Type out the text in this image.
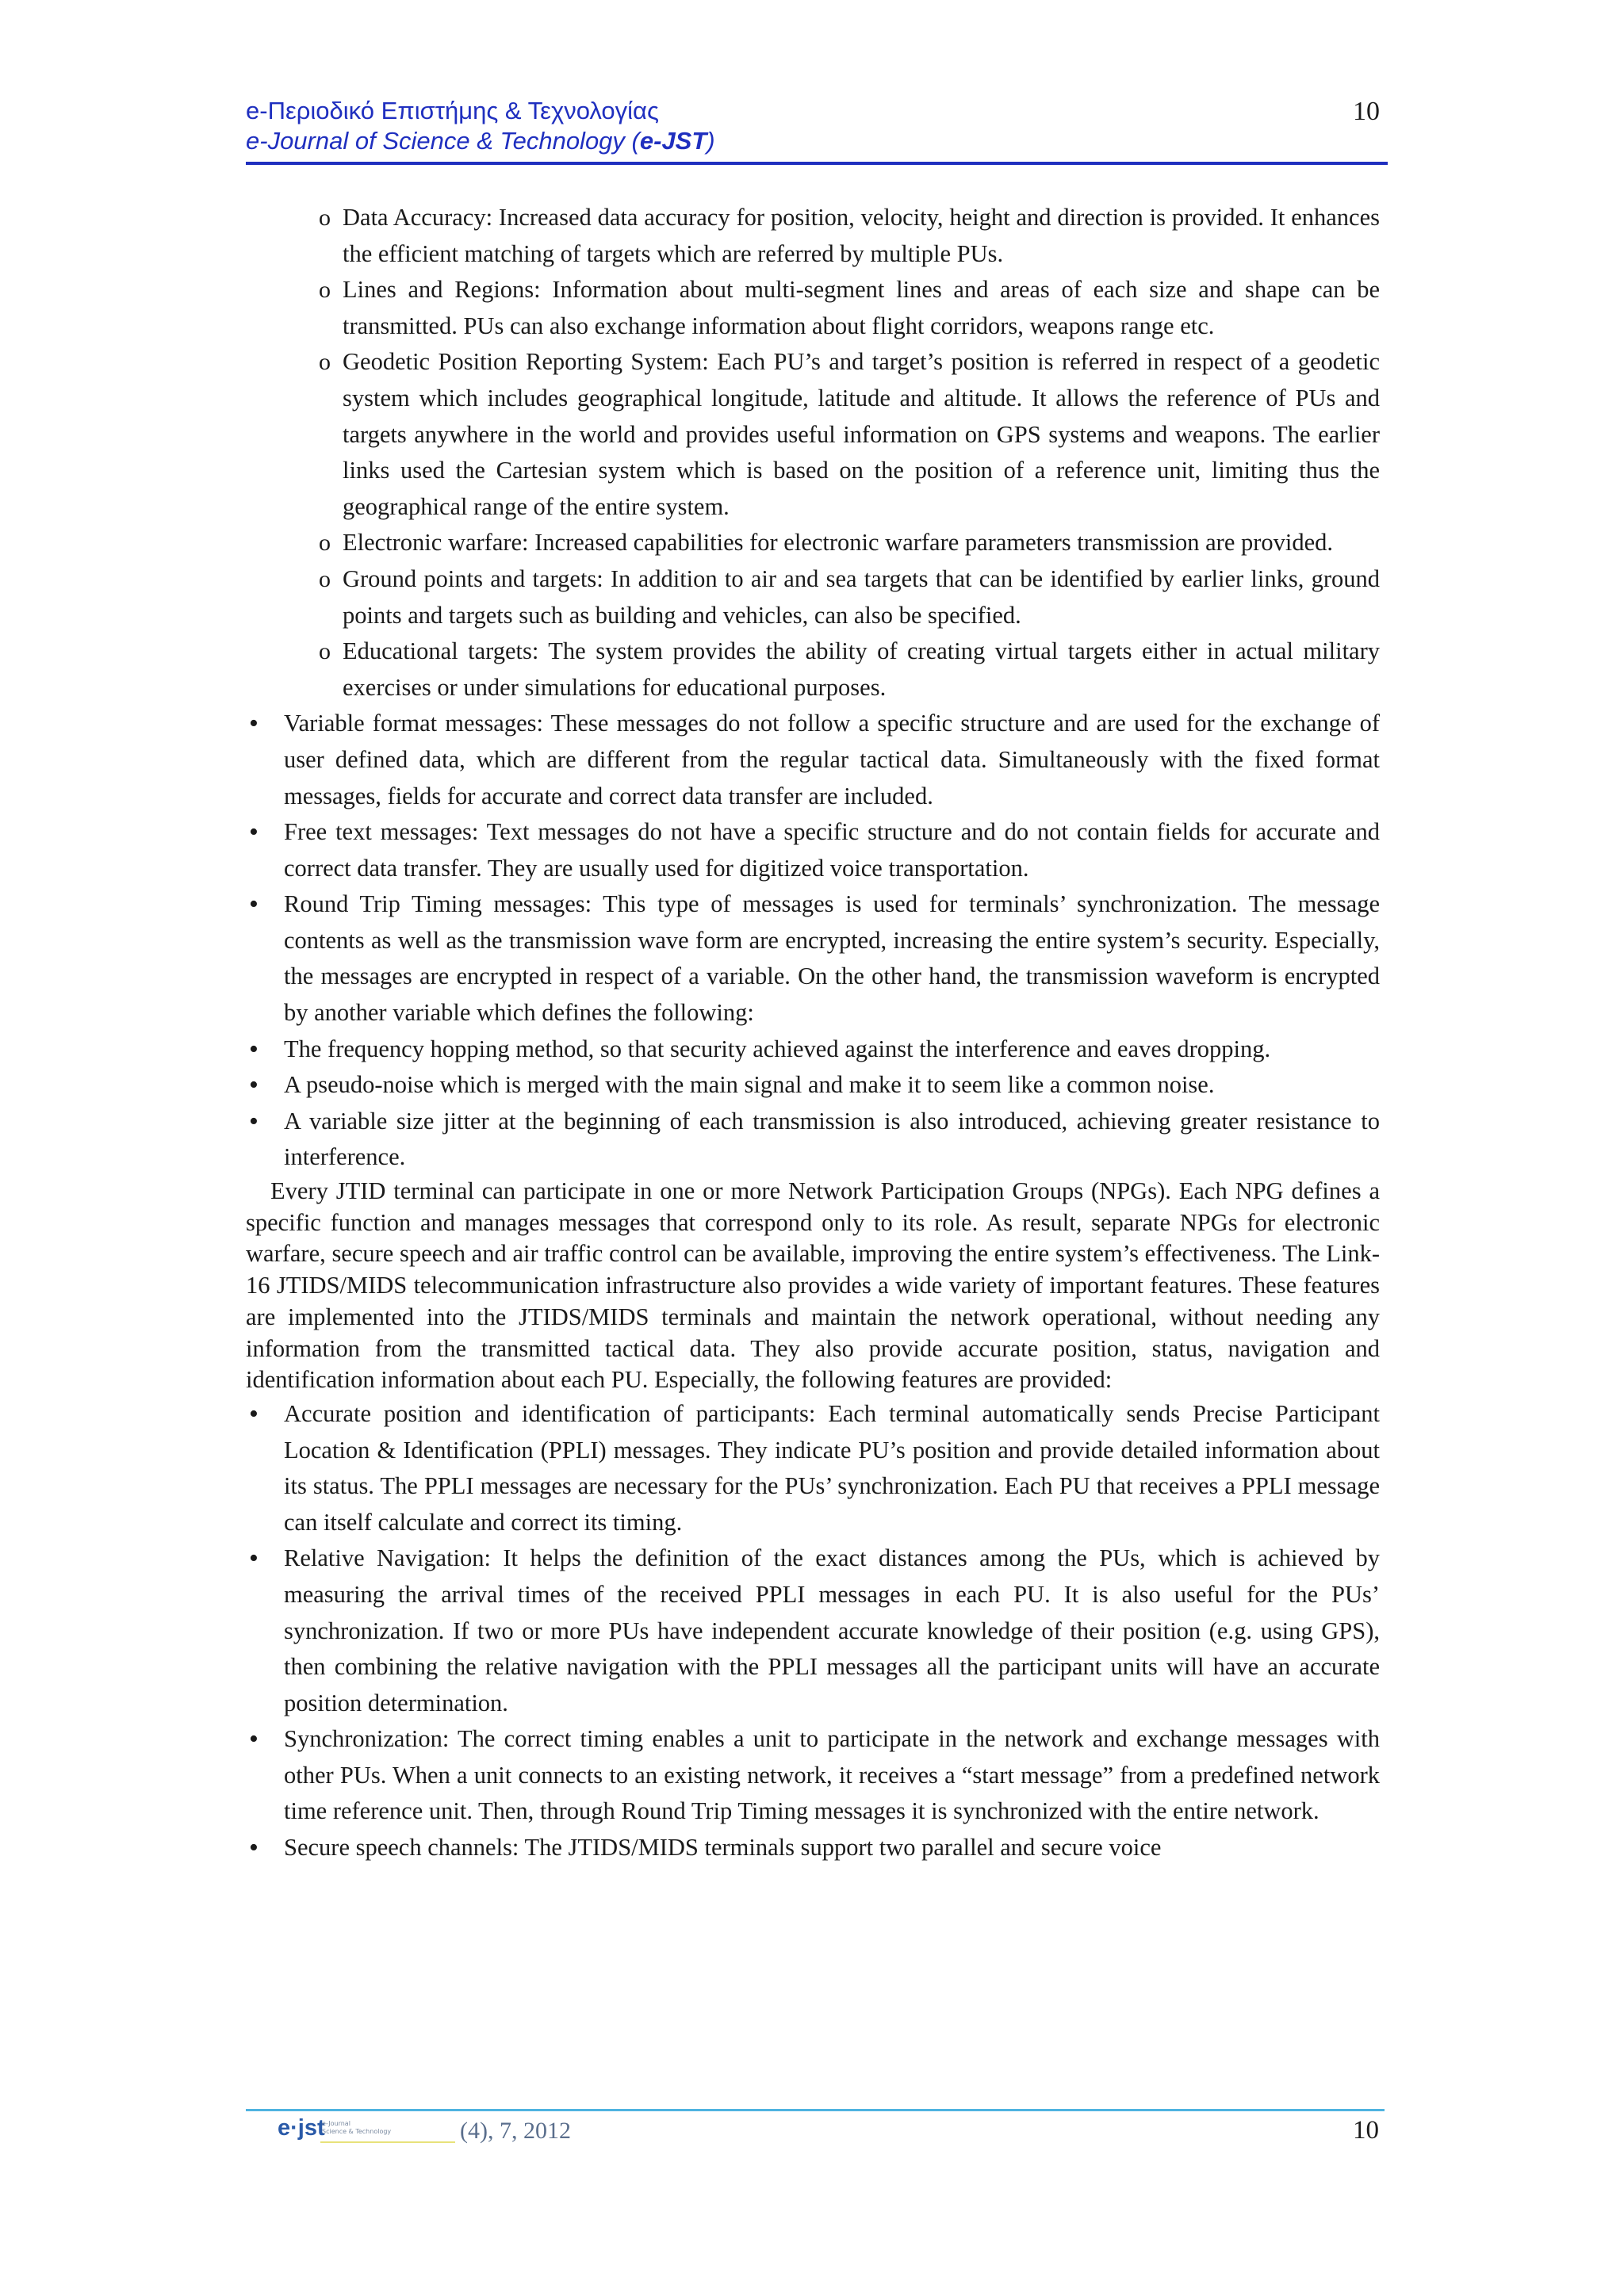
e-Περιοδικό Επιστήμης & Τεχνολογίας
e-Journal of Science & Technology (e-JST)
10
o Data Accuracy: Increased data accuracy for position, velocity, height and direction is provided. It enhances the efficient matching of targets which are referred by multiple PUs.
o Lines and Regions: Information about multi-segment lines and areas of each size and shape can be transmitted. PUs can also exchange information about flight corridors, weapons range etc.
o Geodetic Position Reporting System: Each PU’s and target’s position is referred in respect of a geodetic system which includes geographical longitude, latitude and altitude. It allows the reference of PUs and targets anywhere in the world and provides useful information on GPS systems and weapons. The earlier links used the Cartesian system which is based on the position of a reference unit, limiting thus the geographical range of the entire system.
o Electronic warfare: Increased capabilities for electronic warfare parameters transmission are provided.
o Ground points and targets: In addition to air and sea targets that can be identified by earlier links, ground points and targets such as building and vehicles, can also be specified.
o Educational targets: The system provides the ability of creating virtual targets either in actual military exercises or under simulations for educational purposes.
• Variable format messages: These messages do not follow a specific structure and are used for the exchange of user defined data, which are different from the regular tactical data. Simultaneously with the fixed format messages, fields for accurate and correct data transfer are included.
• Free text messages: Text messages do not have a specific structure and do not contain fields for accurate and correct data transfer. They are usually used for digitized voice transportation.
• Round Trip Timing messages: This type of messages is used for terminals’ synchronization. The message contents as well as the transmission wave form are encrypted, increasing the entire system’s security. Especially, the messages are encrypted in respect of a variable. On the other hand, the transmission waveform is encrypted by another variable which defines the following:
• The frequency hopping method, so that security achieved against the interference and eaves dropping.
• A pseudo-noise which is merged with the main signal and make it to seem like a common noise.
• A variable size jitter at the beginning of each transmission is also introduced, achieving greater resistance to interference.
Every JTID terminal can participate in one or more Network Participation Groups (NPGs). Each NPG defines a specific function and manages messages that correspond only to its role. As result, separate NPGs for electronic warfare, secure speech and air traffic control can be available, improving the entire system’s effectiveness. The Link-16 JTIDS/MIDS telecommunication infrastructure also provides a wide variety of important features. These features are implemented into the JTIDS/MIDS terminals and maintain the network operational, without needing any information from the transmitted tactical data. They also provide accurate position, status, navigation and identification information about each PU. Especially, the following features are provided:
• Accurate position and identification of participants: Each terminal automatically sends Precise Participant Location & Identification (PPLI) messages. They indicate PU’s position and provide detailed information about its status. The PPLI messages are necessary for the PUs’ synchronization. Each PU that receives a PPLI message can itself calculate and correct its timing.
• Relative Navigation: It helps the definition of the exact distances among the PUs, which is achieved by measuring the arrival times of the received PPLI messages in each PU. It is also useful for the PUs’ synchronization. If two or more PUs have independent accurate knowledge of their position (e.g. using GPS), then combining the relative navigation with the PPLI messages all the participant units will have an accurate position determination.
• Synchronization: The correct timing enables a unit to participate in the network and exchange messages with other PUs. When a unit connects to an existing network, it receives a “start message” from a predefined network time reference unit. Then, through Round Trip Timing messages it is synchronized with the entire network.
• Secure speech channels: The JTIDS/MIDS terminals support two parallel and secure voice
e·jst
e-Journal
Science & Technology	(4), 7, 2012	10
